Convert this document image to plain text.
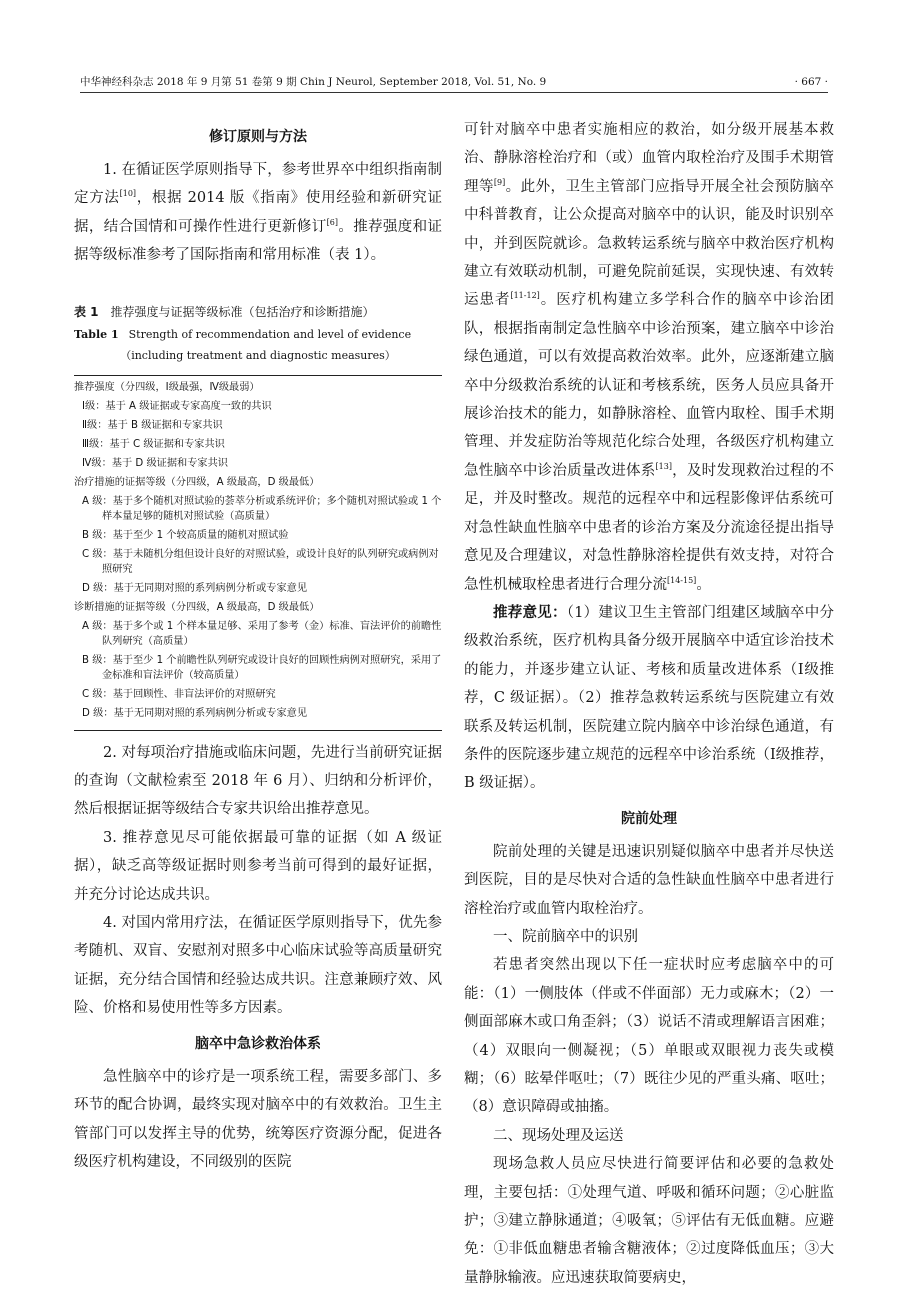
中华神经科杂志 2018 年 9 月第 51 卷第 9 期 Chin J Neurol, September 2018, Vol. 51, No. 9	· 667 ·
修订原则与方法

1. 在循证医学原则指导下，参考世界卒中组织指南制定方法[10]，根据 2014 版《指南》使用经验和新研究证据，结合国情和可操作性进行更新修订[6]。推荐强度和证据等级标准参考了国际指南和常用标准（表 1）。

表 1 推荐强度与证据等级标准（包括治疗和诊断措施）
Table 1 Strength of recommendation and level of evidence
（including treatment and diagnostic measures）
推荐强度（分四级，Ⅰ级最强，Ⅳ级最弱）
Ⅰ级：基于 A 级证据或专家高度一致的共识
Ⅱ级：基于 B 级证据和专家共识
Ⅲ级：基于 C 级证据和专家共识
Ⅳ级：基于 D 级证据和专家共识
治疗措施的证据等级（分四级，A 级最高，D 级最低）
A 级：基于多个随机对照试验的荟萃分析或系统评价；多个随机对照试验或 1 个样本量足够的随机对照试验（高质量）
B 级：基于至少 1 个较高质量的随机对照试验
C 级：基于未随机分组但设计良好的对照试验，或设计良好的队列研究或病例对照研究
D 级：基于无同期对照的系列病例分析或专家意见
诊断措施的证据等级（分四级，A 级最高，D 级最低）
A 级：基于多个或 1 个样本量足够、采用了参考（金）标准、盲法评价的前瞻性队列研究（高质量）
B 级：基于至少 1 个前瞻性队列研究或设计良好的回顾性病例对照研究，采用了金标准和盲法评价（较高质量）
C 级：基于回顾性、非盲法评价的对照研究
D 级：基于无同期对照的系列病例分析或专家意见

2. 对每项治疗措施或临床问题，先进行当前研究证据的查询（文献检索至 2018 年 6 月）、归纳和分析评价，然后根据证据等级结合专家共识给出推荐意见。

3. 推荐意见尽可能依据最可靠的证据（如 A 级证据），缺乏高等级证据时则参考当前可得到的最好证据，并充分讨论达成共识。

4. 对国内常用疗法，在循证医学原则指导下，优先参考随机、双盲、安慰剂对照多中心临床试验等高质量研究证据，充分结合国情和经验达成共识。注意兼顾疗效、风险、价格和易使用性等多方因素。

脑卒中急诊救治体系

急性脑卒中的诊疗是一项系统工程，需要多部门、多环节的配合协调，最终实现对脑卒中的有效救治。卫生主管部门可以发挥主导的优势，统筹医疗资源分配，促进各级医疗机构建设，不同级别的医院

可针对脑卒中患者实施相应的救治，如分级开展基本救治、静脉溶栓治疗和（或）血管内取栓治疗及围手术期管理等[9]。此外，卫生主管部门应指导开展全社会预防脑卒中科普教育，让公众提高对脑卒中的认识，能及时识别卒中，并到医院就诊。急救转运系统与脑卒中救治医疗机构建立有效联动机制，可避免院前延误，实现快速、有效转运患者[11-12]。医疗机构建立多学科合作的脑卒中诊治团队，根据指南制定急性脑卒中诊治预案，建立脑卒中诊治绿色通道，可以有效提高救治效率。此外，应逐渐建立脑卒中分级救治系统的认证和考核系统，医务人员应具备开展诊治技术的能力，如静脉溶栓、血管内取栓、围手术期管理、并发症防治等规范化综合处理，各级医疗机构建立急性脑卒中诊治质量改进体系[13]，及时发现救治过程的不足，并及时整改。规范的远程卒中和远程影像评估系统可对急性缺血性脑卒中患者的诊治方案及分流途径提出指导意见及合理建议，对急性静脉溶栓提供有效支持，对符合急性机械取栓患者进行合理分流[14-15]。

推荐意见：（1）建议卫生主管部门组建区域脑卒中分级救治系统，医疗机构具备分级开展脑卒中适宜诊治技术的能力，并逐步建立认证、考核和质量改进体系（Ⅰ级推荐，C 级证据）。（2）推荐急救转运系统与医院建立有效联系及转运机制，医院建立院内脑卒中诊治绿色通道，有条件的医院逐步建立规范的远程卒中诊治系统（Ⅰ级推荐，B 级证据）。

院前处理

院前处理的关键是迅速识别疑似脑卒中患者并尽快送到医院，目的是尽快对合适的急性缺血性脑卒中患者进行溶栓治疗或血管内取栓治疗。

一、院前脑卒中的识别

若患者突然出现以下任一症状时应考虑脑卒中的可能：（1）一侧肢体（伴或不伴面部）无力或麻木；（2）一侧面部麻木或口角歪斜；（3）说话不清或理解语言困难；（4）双眼向一侧凝视；（5）单眼或双眼视力丧失或模糊；（6）眩晕伴呕吐；（7）既往少见的严重头痛、呕吐；（8）意识障碍或抽搐。

二、现场处理及运送

现场急救人员应尽快进行简要评估和必要的急救处理，主要包括：①处理气道、呼吸和循环问题；②心脏监护；③建立静脉通道；④吸氧；⑤评估有无低血糖。应避免：①非低血糖患者输含糖液体；②过度降低血压；③大量静脉输液。应迅速获取简要病史，
